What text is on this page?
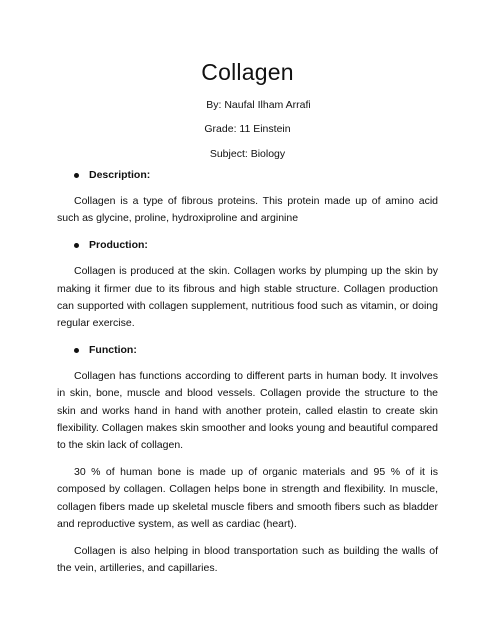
Collagen

By: Naufal Ilham Arrafi

Grade: 11 Einstein

Subject: Biology

Description:

Collagen is a type of fibrous proteins. This protein made up of amino acid such as glycine, proline, hydroxiproline and arginine

Production:

Collagen is produced at the skin. Collagen works by plumping up the skin by making it firmer due to its fibrous and high stable structure. Collagen production can supported with collagen supplement, nutritious food such as vitamin, or doing regular exercise.

Function:

Collagen has functions according to different parts in human body. It involves in skin, bone, muscle and blood vessels. Collagen provide the structure to the skin and works hand in hand with another protein, called elastin to create skin flexibility. Collagen makes skin smoother and looks young and beautiful compared to the skin lack of collagen.

30 % of human bone is made up of organic materials and 95 % of it is composed by collagen. Collagen helps bone in strength and flexibility. In muscle, collagen fibers made up skeletal muscle fibers and smooth fibers such as bladder and reproductive system, as well as cardiac (heart).

Collagen is also helping in blood transportation such as building the walls of the vein, artilleries, and capillaries.
